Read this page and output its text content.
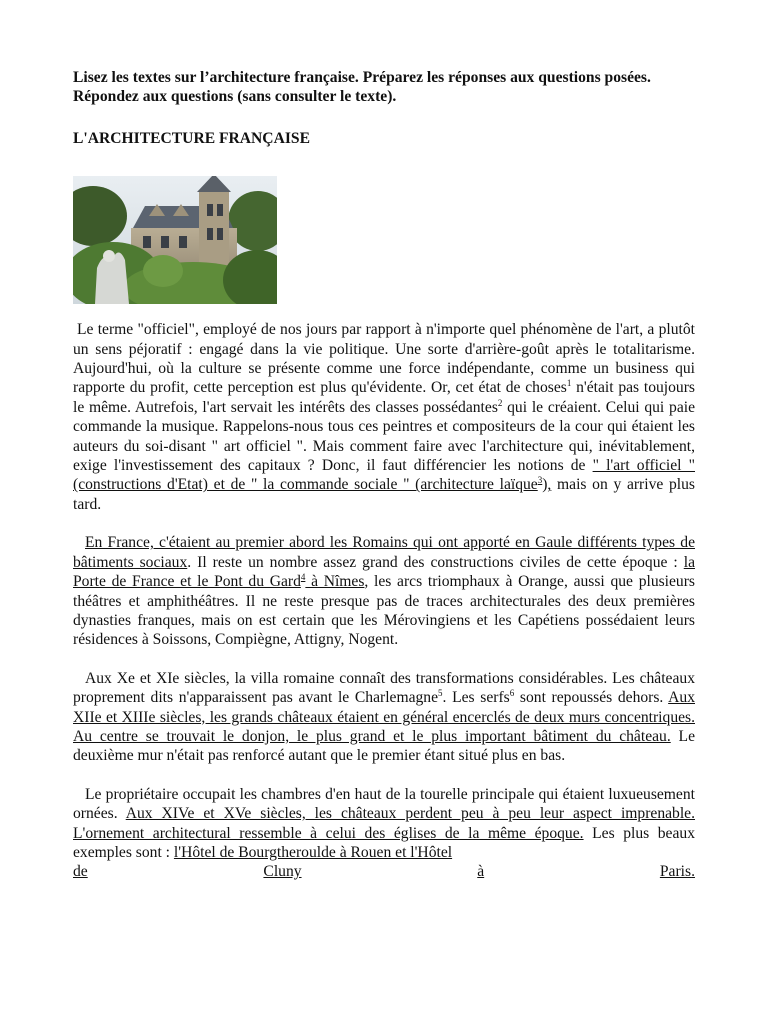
Lisez les textes sur l’architecture française. Préparez les réponses aux questions posées. Répondez aux questions (sans consulter le texte).

L'ARCHITECTURE FRANÇAISE

Le terme "officiel", employé de nos jours par rapport à n'importe quel phénomène de l'art, a plutôt un sens péjoratif : engagé dans la vie politique. Une sorte d'arrière-goût après le totalitarisme. Aujourd'hui, où la culture se présente comme une force indépendante, comme un business qui rapporte du profit, cette perception est plus qu'évidente. Or, cet état de choses$^1$ n'était pas toujours le même. Autrefois, l'art servait les intérêts des classes possédantes$^2$ qui le créaient. Celui qui paie commande la musique. Rappelons-nous tous ces peintres et compositeurs de la cour qui étaient les auteurs du soi-disant " art officiel ". Mais comment faire avec l'architecture qui, inévitablement, exige l'investissement des capitaux ? Donc, il faut différencier les notions de " l'art officiel " (constructions d'Etat) et de " la commande sociale " (architecture laïque$^3$), mais on y arrive plus tard.

En France, c'étaient au premier abord les Romains qui ont apporté en Gaule différents types de bâtiments sociaux. Il reste un nombre assez grand des constructions civiles de cette époque : la Porte de France et le Pont du Gard$^4$ à Nîmes, les arcs triomphaux à Orange, aussi que plusieurs théâtres et amphithéâtres. Il ne reste presque pas de traces architecturales des deux premières dynasties franques, mais on est certain que les Mérovingiens et les Capétiens possédaient leurs résidences à Soissons, Compiègne, Attigny, Nogent.

Aux Xe et XIe siècles, la villa romaine connaît des transformations considérables. Les châteaux proprement dits n'apparaissent pas avant le Charlemagne$^5$. Les serfs$^6$ sont repoussés dehors. Aux XIIe et XIIIe siècles, les grands châteaux étaient en général encerclés de deux murs concentriques. Au centre se trouvait le donjon, le plus grand et le plus important bâtiment du château. Le deuxième mur n'était pas renforcé autant que le premier étant situé plus en bas.

Le propriétaire occupait les chambres d'en haut de la tourelle principale qui étaient luxueusement ornées. Aux XIVe et XVe siècles, les châteaux perdent peu à peu leur aspect imprenable. L'ornement architectural ressemble à celui des églises de la même époque. Les plus beaux exemples sont : l'Hôtel de Bourgtheroulde à Rouen et l'Hôtel

de	Cluny	à	Paris.
